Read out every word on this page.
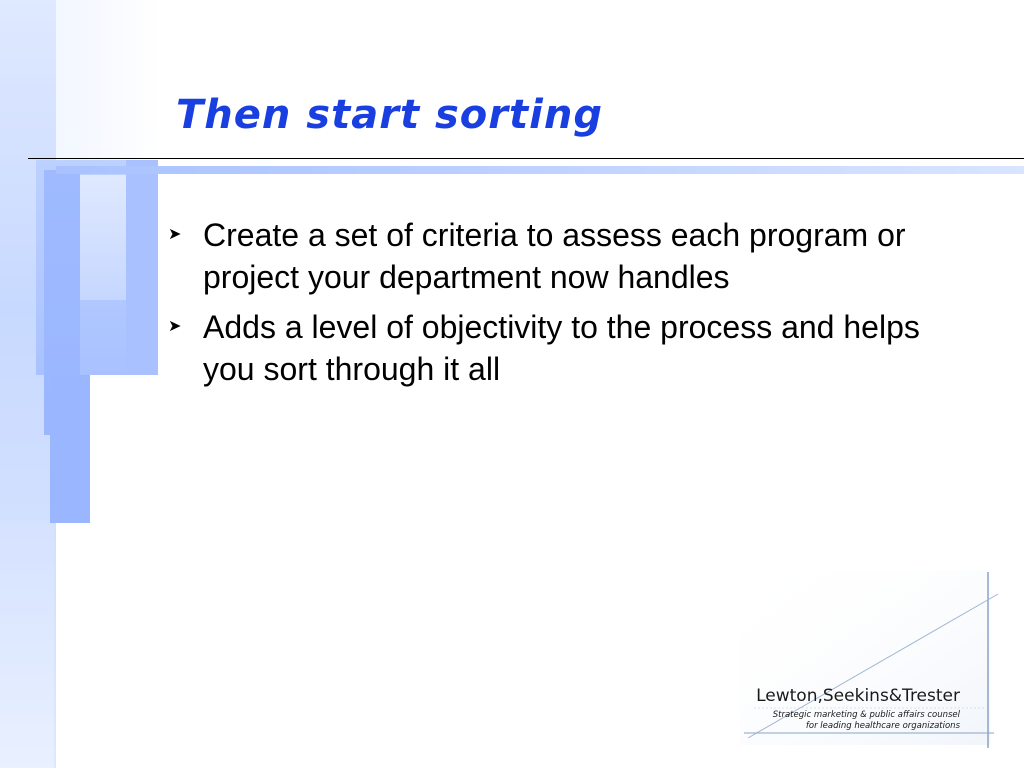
Then start sorting
➤ Create a set of criteria to assess each program or project your department now handles
➤ Adds a level of objectivity to the process and helps you sort through it all
Lewton,Seekins&Trester
Strategic marketing & public affairs counsel
for leading healthcare organizations
